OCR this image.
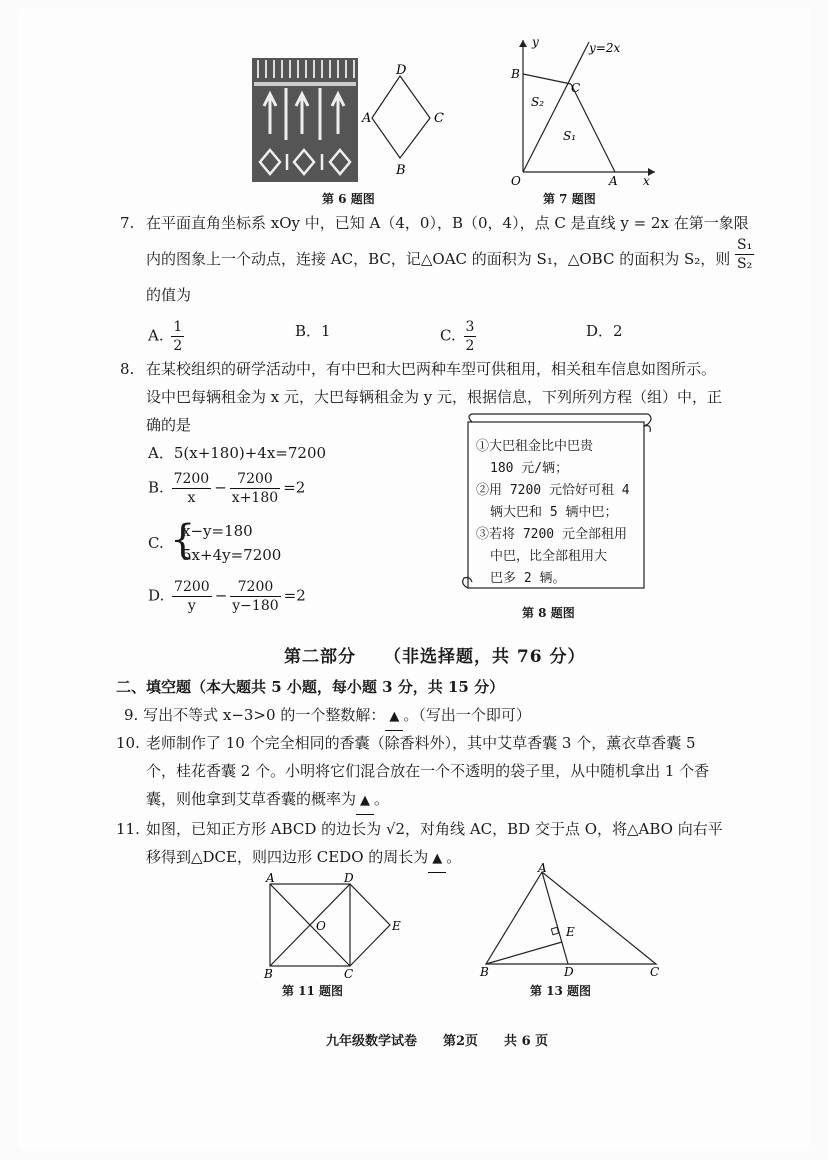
D
A	C
B
第 6 题图
y	y=2x
B
C
S₂
S₁
O	A x
第 7 题图
7. 在平面直角坐标系 xOy 中，已知 A（4，0），B（0，4），点 C 是直线 y = 2x 在第一象限
内的图象上一个动点，连接 AC，BC，记△OAC 的面积为 S₁，△OBC 的面积为 S₂，则 $\frac{\text{S₁}}{\text{S₂}}$
的值为
A. $\frac{1}{2}$	B．1	C. $\frac{3}{2}$	D．2
8. 在某校组织的研学活动中，有中巴和大巴两种车型可供租用，相关租车信息如图所示。
设中巴每辆租金为 x 元，大巴每辆租金为 y 元，根据信息，下列所列方程（组）中，正
确的是
A．5(x+180)+4x=7200
B. $\frac{7200}{x} - \frac{7200}{x+180} =2$
C. {
x−y=180
5x+4y=7200
D. $\frac{7200}{y} - \frac{7200}{y-180} =2$
①大巴租金比中巴贵
180 元/辆；
②用 7200 元恰好可租 4
辆大巴和 5 辆中巴；
③若将 7200 元全部租用
中巴，比全部租用大
巴多 2 辆。
第 8 题图
第二部分 （非选择题，共 76 分）
二、填空题（本大题共 5 小题，每小题 3 分，共 15 分）
9. 写出不等式 x−3>0 的一个整数解： ▲ 。（写出一个即可）
10. 老师制作了 10 个完全相同的香囊（除香料外），其中艾草香囊 3 个，薰衣草香囊 5
个，桂花香囊 2 个。小明将它们混合放在一个不透明的袋子里，从中随机拿出 1 个香
囊，则他拿到艾草香囊的概率为 ▲ 。
11. 如图，已知正方形 ABCD 的边长为 √2，对角线 AC，BD 交于点 O，将△ABO 向右平
移得到△DCE，则四边形 CEDO 的周长为 ▲ 。
A	D
O	E
B	C
第 11 题图
A
E
B	D	C
第 13 题图
九年级数学试卷　　第2页　　共 6 页
